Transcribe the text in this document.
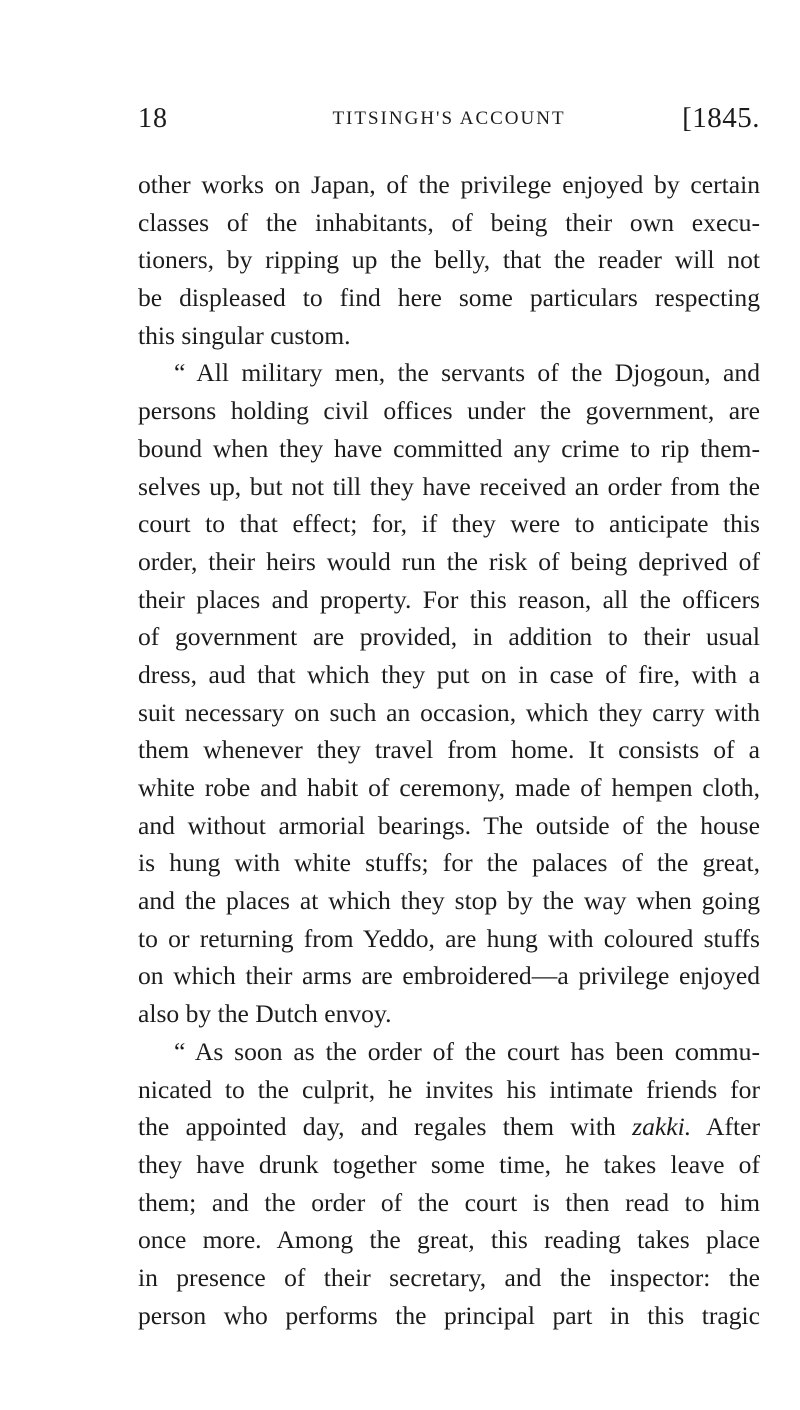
18	TITSINGH'S ACCOUNT	[1845.
other works on Japan, of the privilege enjoyed by certain
classes of the inhabitants, of being their own execu-
tioners, by ripping up the belly, that the reader will not
be displeased to find here some particulars respecting
this singular custom.
“ All military men, the servants of the Djogoun, and
persons holding civil offices under the government, are
bound when they have committed any crime to rip them-
selves up, but not till they have received an order from the
court to that effect; for, if they were to anticipate this
order, their heirs would run the risk of being deprived of
their places and property. For this reason, all the officers
of government are provided, in addition to their usual
dress, aud that which they put on in case of fire, with a
suit necessary on such an occasion, which they carry with
them whenever they travel from home. It consists of a
white robe and habit of ceremony, made of hempen cloth,
and without armorial bearings. The outside of the house
is hung with white stuffs; for the palaces of the great,
and the places at which they stop by the way when going
to or returning from Yeddo, are hung with coloured stuffs
on which their arms are embroidered—a privilege enjoyed
also by the Dutch envoy.
“ As soon as the order of the court has been commu-
nicated to the culprit, he invites his intimate friends for
the appointed day, and regales them with zakki. After
they have drunk together some time, he takes leave of
them; and the order of the court is then read to him
once more. Among the great, this reading takes place
in presence of their secretary, and the inspector: the
person who performs the principal part in this tragic
